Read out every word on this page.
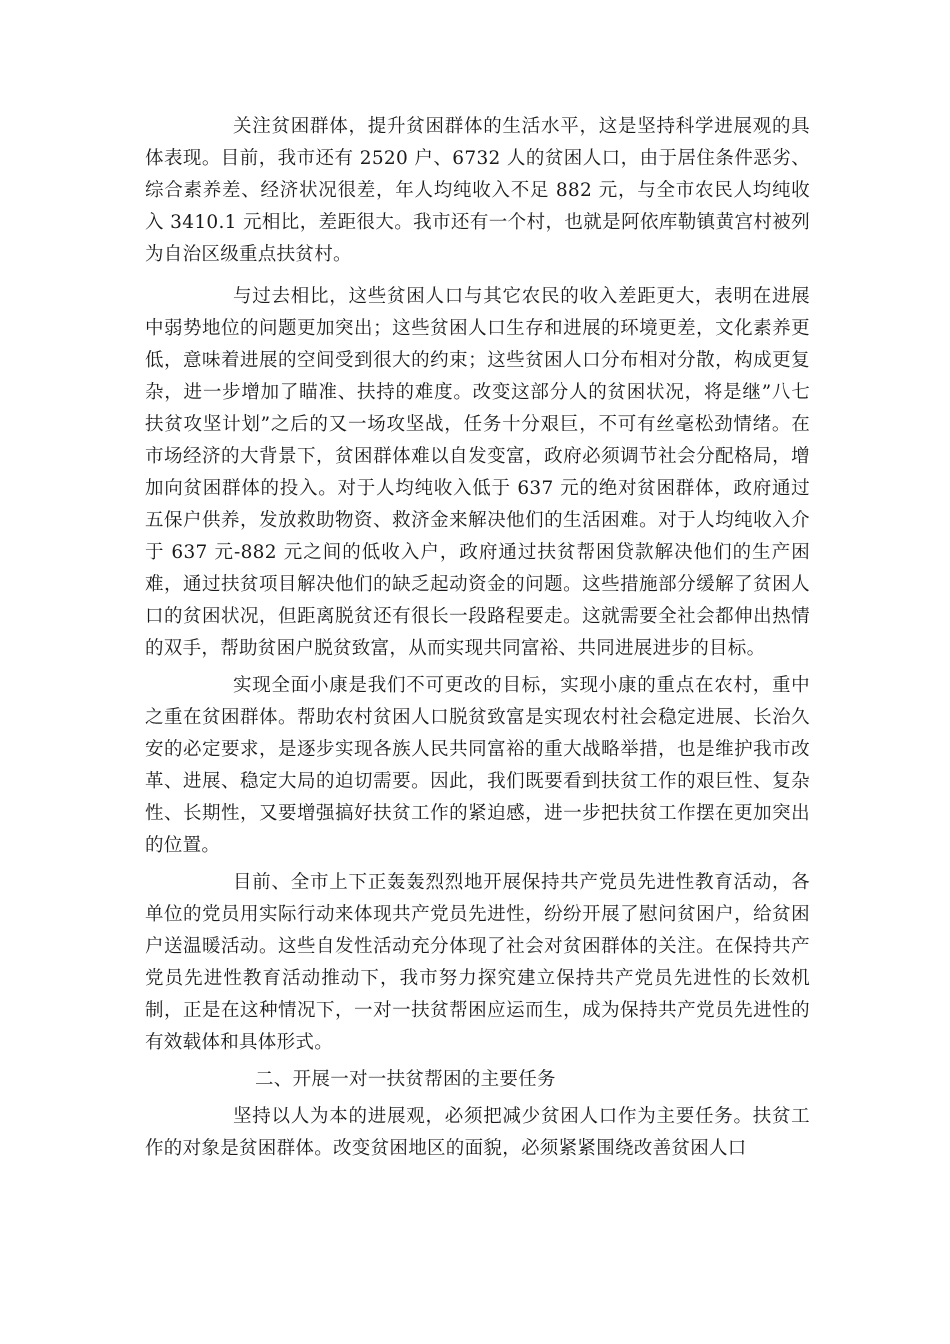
关注贫困群体，提升贫困群体的生活水平，这是坚持科学进展观的具体表现。目前，我市还有 2520 户、6732 人的贫困人口，由于居住条件恶劣、综合素养差、经济状况很差，年人均纯收入不足 882 元，与全市农民人均纯收入 3410.1 元相比，差距很大。我市还有一个村，也就是阿依库勒镇黄宫村被列为自治区级重点扶贫村。

与过去相比，这些贫困人口与其它农民的收入差距更大，表明在进展中弱势地位的问题更加突出；这些贫困人口生存和进展的环境更差，文化素养更低，意味着进展的空间受到很大的约束；这些贫困人口分布相对分散，构成更复杂，进一步增加了瞄准、扶持的难度。改变这部分人的贫困状况，将是继”八七扶贫攻坚计划”之后的又一场攻坚战，任务十分艰巨，不可有丝毫松劲情绪。在市场经济的大背景下，贫困群体难以自发变富，政府必须调节社会分配格局，增加向贫困群体的投入。对于人均纯收入低于 637 元的绝对贫困群体，政府通过五保户供养，发放救助物资、救济金来解决他们的生活困难。对于人均纯收入介于 637 元-882 元之间的低收入户，政府通过扶贫帮困贷款解决他们的生产困难，通过扶贫项目解决他们的缺乏起动资金的问题。这些措施部分缓解了贫困人口的贫困状况，但距离脱贫还有很长一段路程要走。这就需要全社会都伸出热情的双手，帮助贫困户脱贫致富，从而实现共同富裕、共同进展进步的目标。

实现全面小康是我们不可更改的目标，实现小康的重点在农村，重中之重在贫困群体。帮助农村贫困人口脱贫致富是实现农村社会稳定进展、长治久安的必定要求，是逐步实现各族人民共同富裕的重大战略举措，也是维护我市改革、进展、稳定大局的迫切需要。因此，我们既要看到扶贫工作的艰巨性、复杂性、长期性，又要增强搞好扶贫工作的紧迫感，进一步把扶贫工作摆在更加突出的位置。

目前、全市上下正轰轰烈烈地开展保持共产党员先进性教育活动，各单位的党员用实际行动来体现共产党员先进性，纷纷开展了慰问贫困户，给贫困户送温暖活动。这些自发性活动充分体现了社会对贫困群体的关注。在保持共产党员先进性教育活动推动下，我市努力探究建立保持共产党员先进性的长效机制，正是在这种情况下，一对一扶贫帮困应运而生，成为保持共产党员先进性的有效载体和具体形式。

二、开展一对一扶贫帮困的主要任务

坚持以人为本的进展观，必须把减少贫困人口作为主要任务。扶贫工作的对象是贫困群体。改变贫困地区的面貌，必须紧紧围绕改善贫困人口
